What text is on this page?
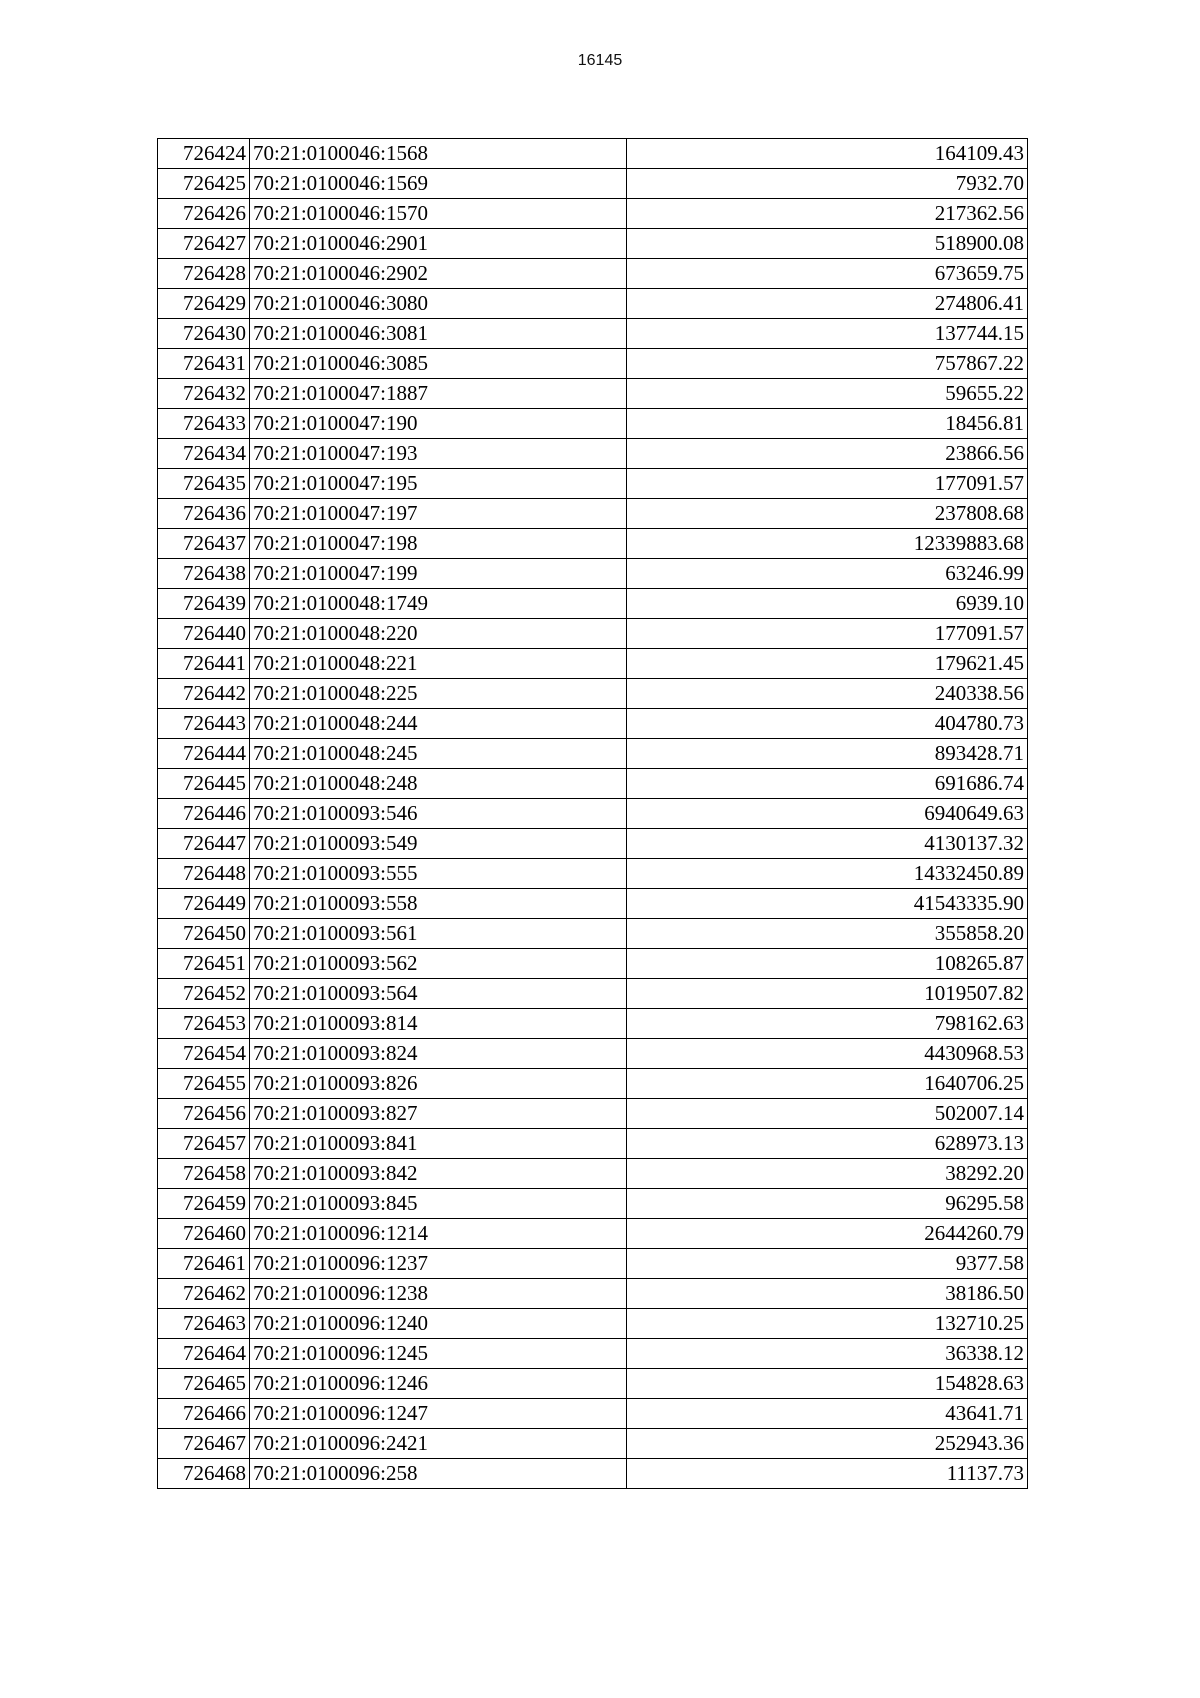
16145
726424	70:21:0100046:1568	164109.43
726425	70:21:0100046:1569	7932.70
726426	70:21:0100046:1570	217362.56
726427	70:21:0100046:2901	518900.08
726428	70:21:0100046:2902	673659.75
726429	70:21:0100046:3080	274806.41
726430	70:21:0100046:3081	137744.15
726431	70:21:0100046:3085	757867.22
726432	70:21:0100047:1887	59655.22
726433	70:21:0100047:190	18456.81
726434	70:21:0100047:193	23866.56
726435	70:21:0100047:195	177091.57
726436	70:21:0100047:197	237808.68
726437	70:21:0100047:198	12339883.68
726438	70:21:0100047:199	63246.99
726439	70:21:0100048:1749	6939.10
726440	70:21:0100048:220	177091.57
726441	70:21:0100048:221	179621.45
726442	70:21:0100048:225	240338.56
726443	70:21:0100048:244	404780.73
726444	70:21:0100048:245	893428.71
726445	70:21:0100048:248	691686.74
726446	70:21:0100093:546	6940649.63
726447	70:21:0100093:549	4130137.32
726448	70:21:0100093:555	14332450.89
726449	70:21:0100093:558	41543335.90
726450	70:21:0100093:561	355858.20
726451	70:21:0100093:562	108265.87
726452	70:21:0100093:564	1019507.82
726453	70:21:0100093:814	798162.63
726454	70:21:0100093:824	4430968.53
726455	70:21:0100093:826	1640706.25
726456	70:21:0100093:827	502007.14
726457	70:21:0100093:841	628973.13
726458	70:21:0100093:842	38292.20
726459	70:21:0100093:845	96295.58
726460	70:21:0100096:1214	2644260.79
726461	70:21:0100096:1237	9377.58
726462	70:21:0100096:1238	38186.50
726463	70:21:0100096:1240	132710.25
726464	70:21:0100096:1245	36338.12
726465	70:21:0100096:1246	154828.63
726466	70:21:0100096:1247	43641.71
726467	70:21:0100096:2421	252943.36
726468	70:21:0100096:258	11137.73
